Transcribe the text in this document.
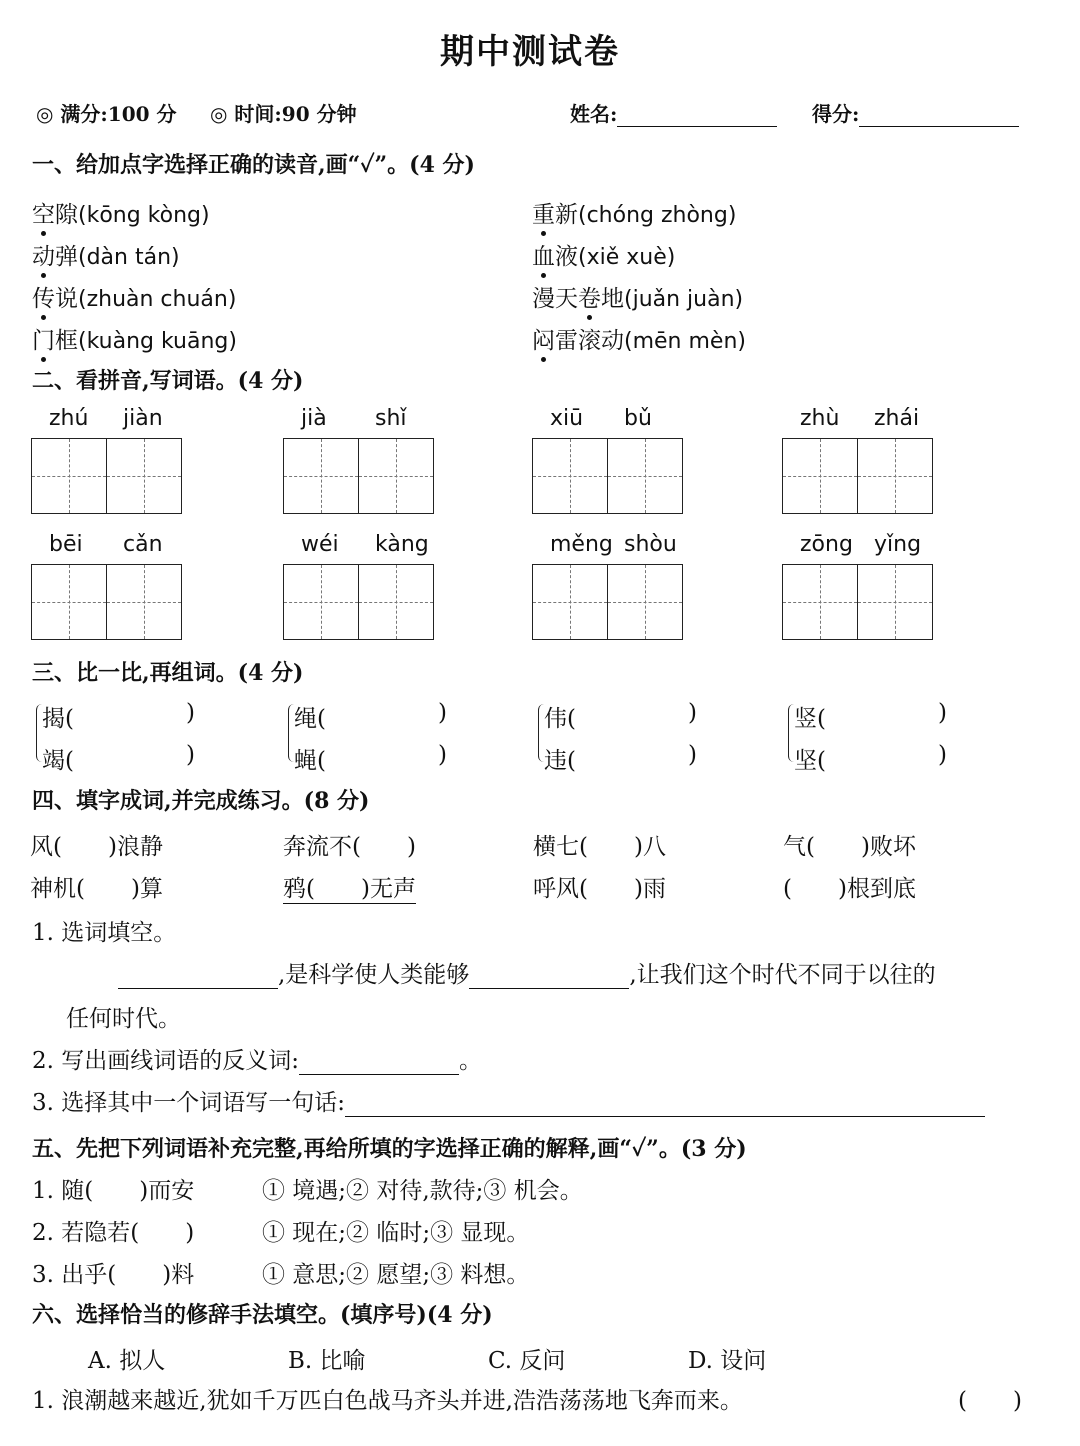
期中测试卷
◎ 满分:100 分 ◎ 时间:90 分钟	姓名:	得分:
一、给加点字选择正确的读音,画“✓”。(4 分)
空隙(kōng kòng)	重新(chóng zhòng)
动弹(dàn tán)	血液(xiě xuè)
传说(zhuàn chuán)	漫天卷地(juǎn juàn)
门框(kuàng kuāng)	闷雷滚动(mēn mèn)
二、看拼音,写词语。(4 分)
zhú jiàn	jià shǐ	xiū bǔ	zhù zhái
bēi cǎn	wéi kàng	měng shòu	zōng yǐng
三、比一比,再组词。(4 分)
揭(	)
竭(	)
绳(	)
蝇(	)
伟(	)
违(	)
竖(	)
坚(	)
四、填字成词,并完成练习。(8 分)
风(　　)浪静	奔流不(　　)	横七(　　)八	气(　　)败坏
神机(　　)算	鸦(　　)无声	呼风(　　)雨	(　　)根到底
1. 选词填空。
,是科学使人类能够	,让我们这个时代不同于以往的
任何时代。
2. 写出画线词语的反义词:	。
3. 选择其中一个词语写一句话:
五、先把下列词语补充完整,再给所填的字选择正确的解释,画“✓”。(3 分)
1. 随(　　)而安	① 境遇;② 对待,款待;③ 机会。
2. 若隐若(　　)	① 现在;② 临时;③ 显现。
3. 出乎(　　)料	① 意思;② 愿望;③ 料想。
六、选择恰当的修辞手法填空。(填序号)(4 分)
A. 拟人	B. 比喻	C. 反问	D. 设问
1. 浪潮越来越近,犹如千万匹白色战马齐头并进,浩浩荡荡地飞奔而来。	(　　)
